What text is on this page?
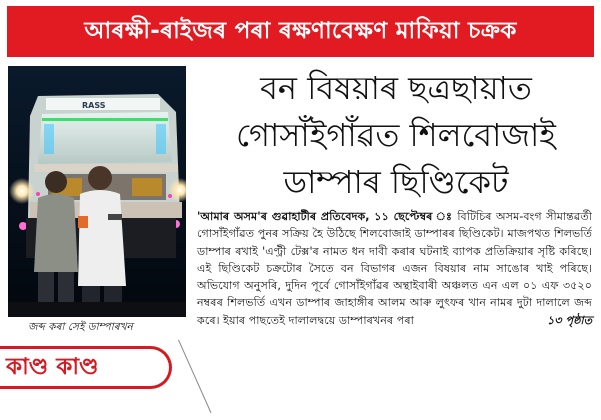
আৰক্ষী-ৰাইজৰ পৰা ৰক্ষণাবেক্ষণ মাফিয়া চক্ৰক
RASS
জব্দ কৰা সেই ডাম্পাৰখন
বন বিষয়াৰ ছত্ৰছায়াত
গোসাঁইগাঁৱত শিলবোজাই
ডাম্পাৰ ছিণ্ডিকেট

'আমাৰ অসম'ৰ গুৱাহাটীৰ প্ৰতিবেদক, ১১ ছেপ্টেম্বৰ ঃ বিটিচিৰ অসম-বংগ সীমান্তৱৰ্তী গোসাঁইগাঁৱত পুনৰ সক্ৰিয় হৈ উঠিছে শিলবোজাই ডাম্পাৰৰ ছিণ্ডিকেট। মাজপথত শিলভৰ্তি ডাম্পাৰ ৰখাই 'এণ্ট্ৰী টেক্স'ৰ নামত ধন দাবী কৰাৰ ঘটনাই ব্যাপক প্ৰতিক্ৰিয়াৰ সৃষ্টি কৰিছে। এই ছিণ্ডিকেট চক্ৰটোৰ সৈতে বন বিভাগৰ এজন বিষয়াৰ নাম সাঙোৰ খাই পৰিছে। অভিযোগ অনুসৰি, দুদিন পূৰ্বে গোসাঁইগাঁৱৰ অন্থাইবাৰী অঞ্চলত এন এল ০১ এফ ৩৫২০ নম্বৰৰ শিলভৰ্তি এখন ডাম্পাৰ জাহাঙ্গীৰ আলম আৰু লুৎফৰ খান নামৰ দুটা দালালে জব্দ কৰে। ইয়াৰ পাছতেই দালালদ্বয়ে ডাম্পাৰখনৰ পৰা	১৩ পৃষ্ঠাত

কাণ্ড কাণ্ড
